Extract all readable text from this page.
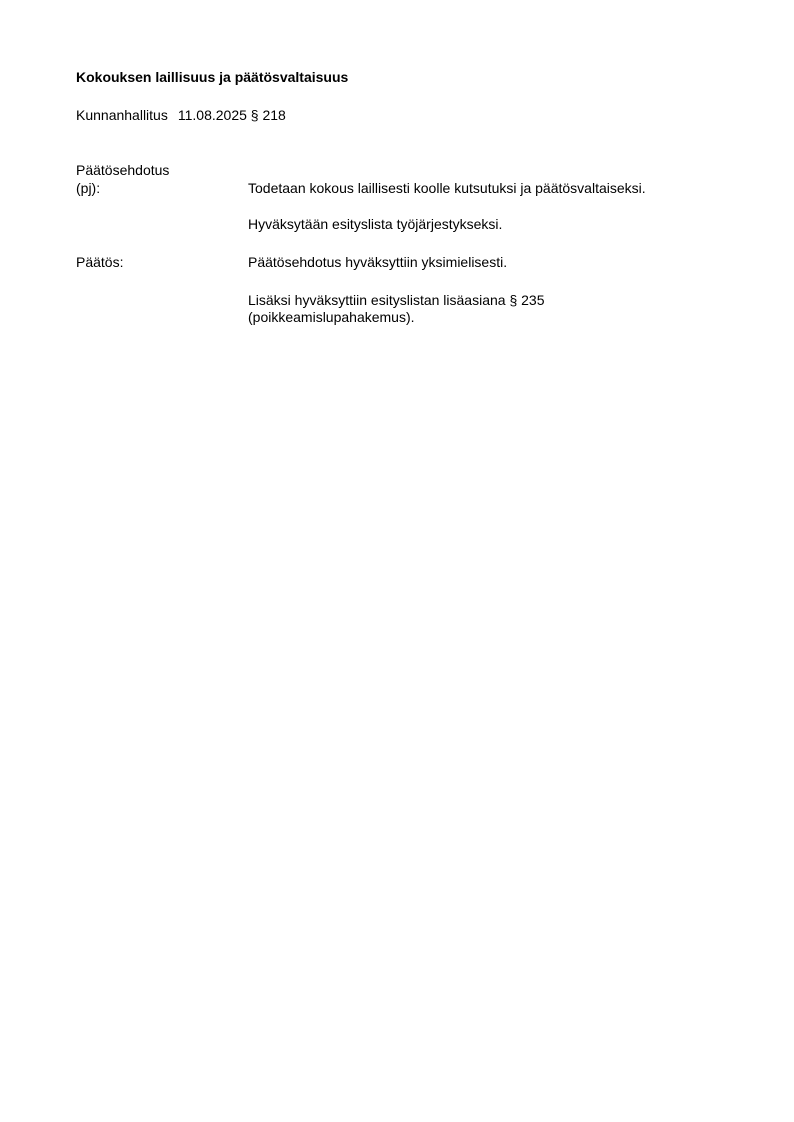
Kokouksen laillisuus ja päätösvaltaisuus
Kunnanhallitus 11.08.2025 § 218
Päätösehdotus
(pj):	Todetaan kokous laillisesti koolle kutsutuksi ja päätösvaltaiseksi.
Hyväksytään esityslista työjärjestykseksi.
Päätös:	Päätösehdotus hyväksyttiin yksimielisesti.
Lisäksi hyväksyttiin esityslistan lisäasiana § 235
(poikkeamislupahakemus).
